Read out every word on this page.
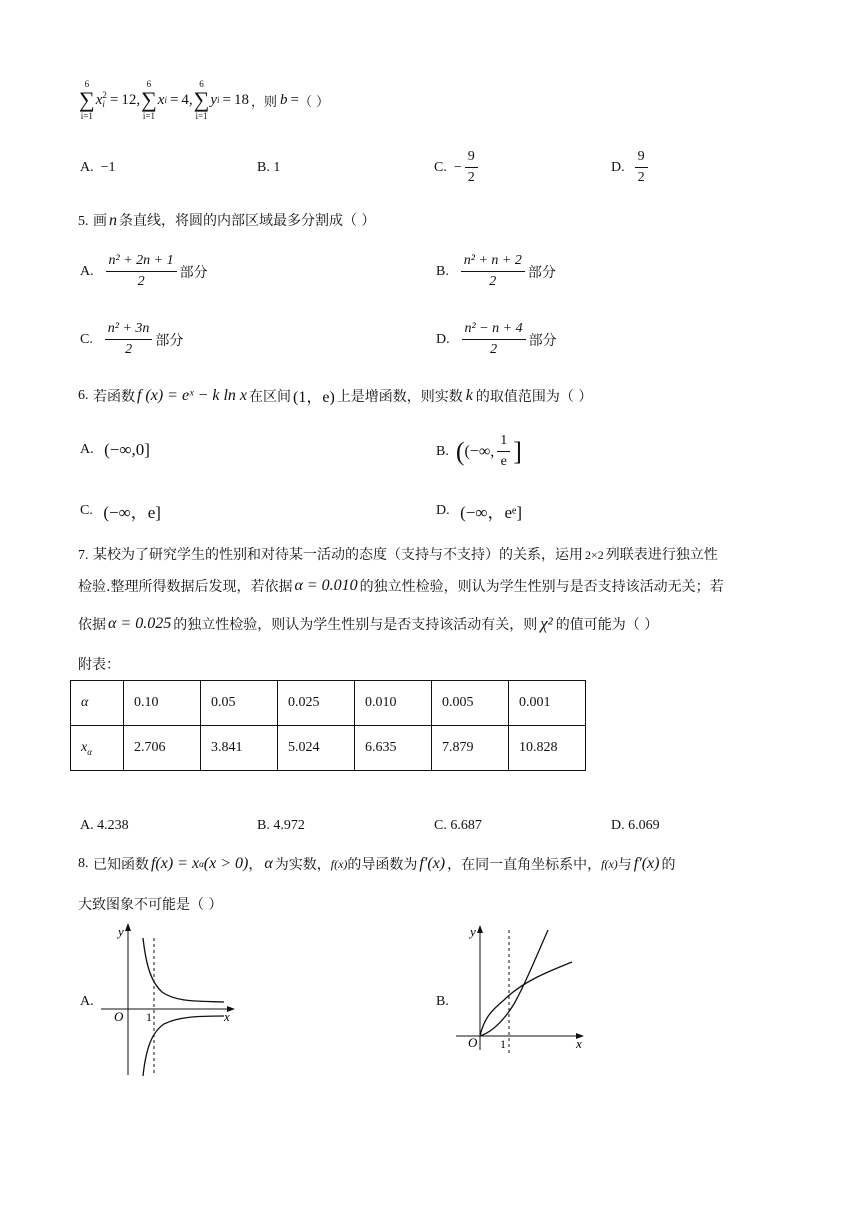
6
∑
i=1
x 2
i = 12 ,
6
∑
i=1
x i = 4 ,
6
∑
i=1
y i = 18 ，则 b = （ ）
A. −1	B. 1	C.
− $\frac{9}{2}$	D.
$\frac{9}{2}$
5. 画 n 条直线，将圆的内部区域最多分割成（ ）
A.
$\frac{\text{n² + 2n + 1}}{2}$ 部分	B.
$\frac{\text{n² + n + 2}}{2}$ 部分
C.
$\frac{\text{n² + 3n}}{2}$ 部分	D.
$\frac{\text{n² − n + 4}}{2}$ 部分
6.
若函数 f (x) = eˣ − k ln x 在区间 (1，e) 上是增函数，则实数 k 的取值范围为（ ）
A.
(−∞,0]	B.
( (−∞, $\frac{1}{e}$ ]
C.
(−∞，e]	D.
(−∞，eᵉ]
7. 某校为了研究学生的性别和对待某一活动的态度（支持与不支持）的关系，运用 2×2 列联表进行独立性
检验.整理所得数据后发现，若依据 α = 0.010 的独立性检验，则认为学生性别与是否支持该活动无关；若
依据 α = 0.025 的独立性检验，则认为学生性别与是否支持该活动有关，则 χ² 的值可能为（ ）
附表：
α	0.10	0.05	0.025	0.010	0.005	0.001
$x_\alpha$	2.706	3.841	5.024	6.635	7.879	10.828
A. 4.238	B. 4.972	C. 6.687	D. 6.069
8.
已知函数 f(x) = x α (x > 0) ， α 为实数， f(x) 的导函数为 f′(x) ，在同一直角坐标系中， f(x) 与 f′(x) 的
大致图象不可能是（ ）
A.
y
x
O 1
B.
y
x
O 1
